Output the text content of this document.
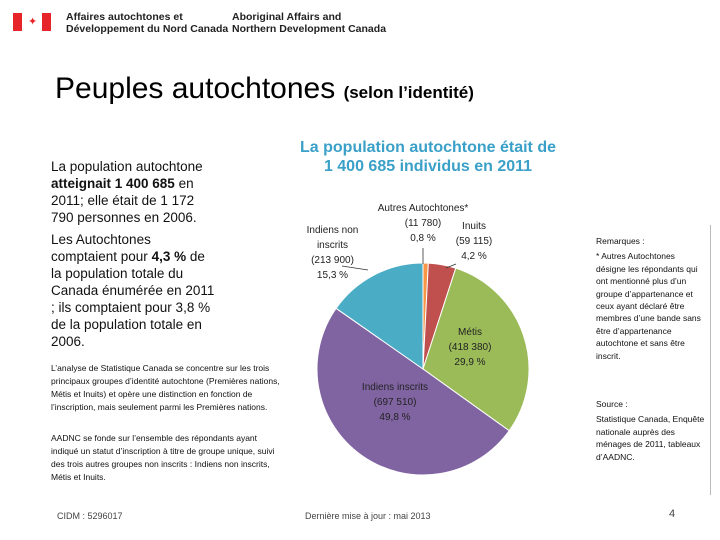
✦	Affaires autochtones et
Développement du Nord Canada
Aboriginal Affairs and
Northern Development Canada
Peuples autochtones (selon l’identité)
La population autochtone atteignait 1 400 685 en 2011; elle était de 1 172 790 personnes en 2006.
Les Autochtones comptaient pour 4,3 % de la population totale du Canada énumérée en 2011 ; ils comptaient pour 3,8 % de la population totale en 2006.
L’analyse de Statistique Canada se concentre sur les trois principaux groupes d’identité autochtone (Premières nations, Métis et Inuits) et opère une distinction en fonction de l’inscription, mais seulement parmi les Premières nations.
AADNC se fonde sur l’ensemble des répondants ayant indiqué un statut d’inscription à titre de groupe unique, suivi des trois autres groupes non inscrits : Indiens non inscrits, Métis et Inuits.
La population autochtone était de 1 400 685 individus en 2011
Autres Autochtones*
(11 780)
0,8 %
Inuits
(59 115)
4,2 %
Métis
(418 380)
29,9 %
Indiens inscrits
(697 510)
49,8 %
Indiens non inscrits
(213 900)
15,3 %
Remarques :
* Autres Autochtones désigne les répondants qui ont mentionné plus d’un groupe d’appartenance et ceux ayant déclaré être membres d’une bande sans être d’appartenance autochtone et sans être inscrit.
Source :
Statistique Canada, Enquête nationale auprès des ménages de 2011, tableaux d’AADNC.
CIDM : 5296017	Dernière mise à jour : mai 2013	4
